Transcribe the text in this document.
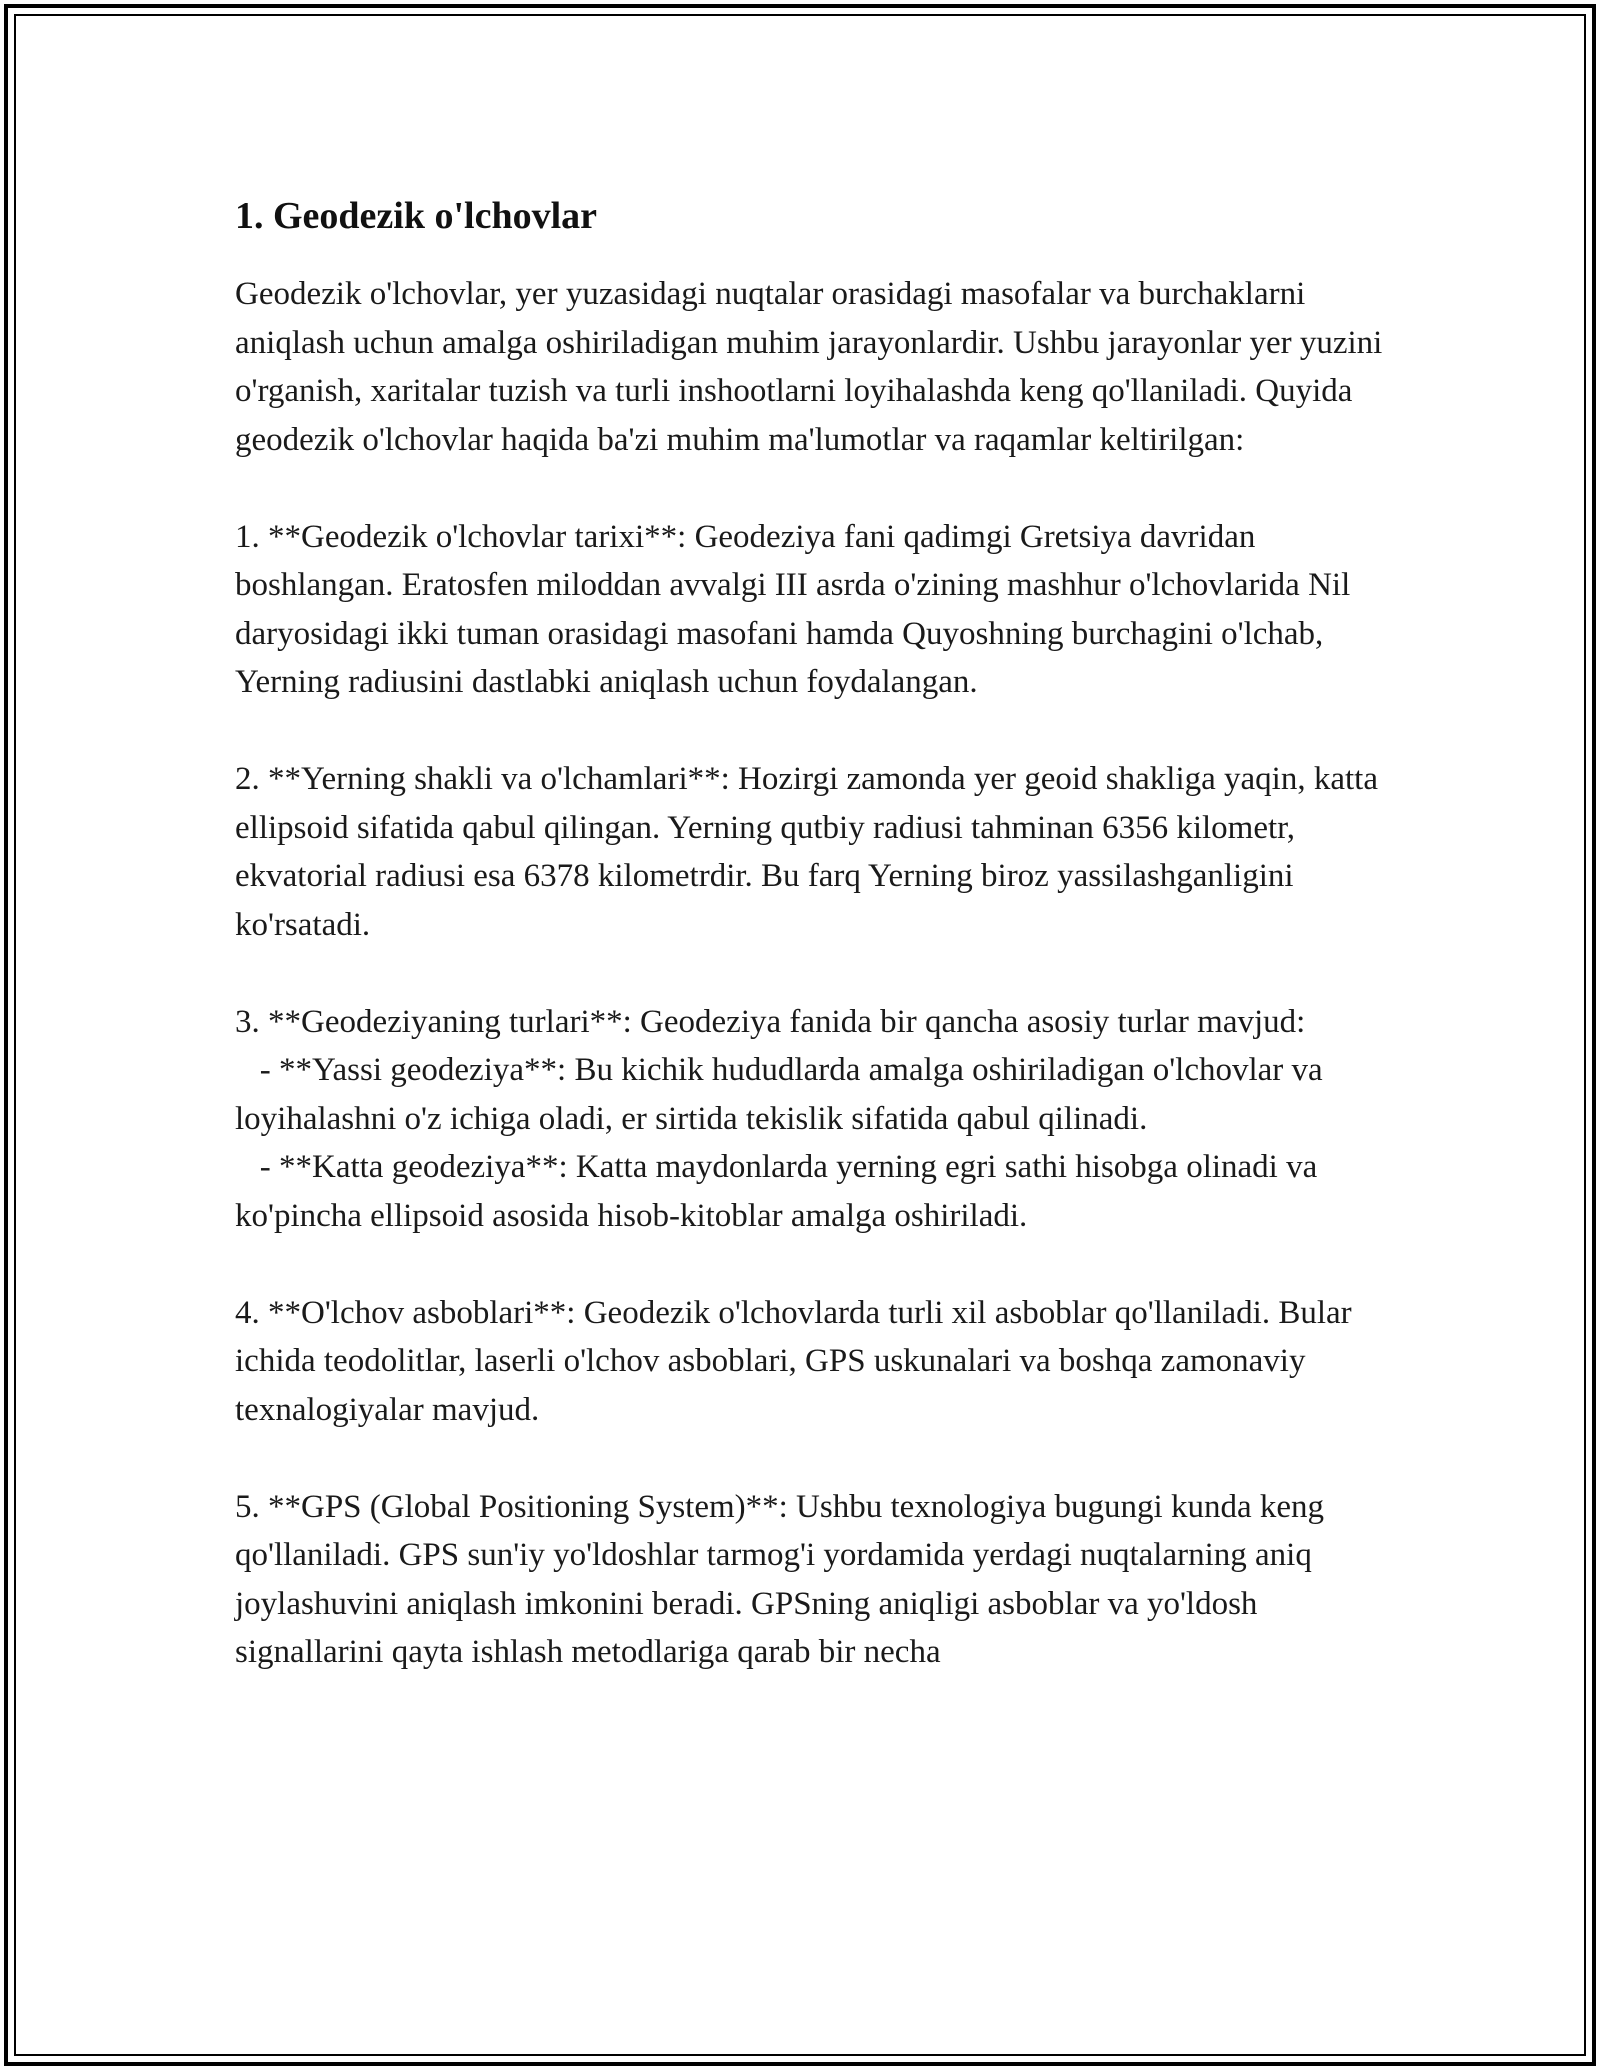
1. Geodezik o'lchovlar

Geodezik o'lchovlar, yer yuzasidagi nuqtalar orasidagi masofalar va burchaklarni aniqlash uchun amalga oshiriladigan muhim jarayonlardir. Ushbu jarayonlar yer yuzini o'rganish, xaritalar tuzish va turli inshootlarni loyihalashda keng qo'llaniladi. Quyida geodezik o'lchovlar haqida ba'zi muhim ma'lumotlar va raqamlar keltirilgan:

1. **Geodezik o'lchovlar tarixi**: Geodeziya fani qadimgi Gretsiya davridan boshlangan. Eratosfen miloddan avvalgi III asrda o'zining mashhur o'lchovlarida Nil daryosidagi ikki tuman orasidagi masofani hamda Quyoshning burchagini o'lchab, Yerning radiusini dastlabki aniqlash uchun foydalangan.

2. **Yerning shakli va o'lchamlari**: Hozirgi zamonda yer geoid shakliga yaqin, katta ellipsoid sifatida qabul qilingan. Yerning qutbiy radiusi tahminan 6356 kilometr, ekvatorial radiusi esa 6378 kilometrdir. Bu farq Yerning biroz yassilashganligini ko'rsatadi.

3. **Geodeziyaning turlari**: Geodeziya fanida bir qancha asosiy turlar mavjud:

- **Yassi geodeziya**: Bu kichik hududlarda amalga oshiriladigan o'lchovlar va loyihalashni o'z ichiga oladi, er sirtida tekislik sifatida qabul qilinadi.

- **Katta geodeziya**: Katta maydonlarda yerning egri sathi hisobga olinadi va ko'pincha ellipsoid asosida hisob-kitoblar amalga oshiriladi.

4. **O'lchov asboblari**: Geodezik o'lchovlarda turli xil asboblar qo'llaniladi. Bular ichida teodolitlar, laserli o'lchov asboblari, GPS uskunalari va boshqa zamonaviy texnalogiyalar mavjud.

5. **GPS (Global Positioning System)**: Ushbu texnologiya bugungi kunda keng qo'llaniladi. GPS sun'iy yo'ldoshlar tarmog'i yordamida yerdagi nuqtalarning aniq joylashuvini aniqlash imkonini beradi. GPSning aniqligi asboblar va yo'ldosh signallarini qayta ishlash metodlariga qarab bir necha
